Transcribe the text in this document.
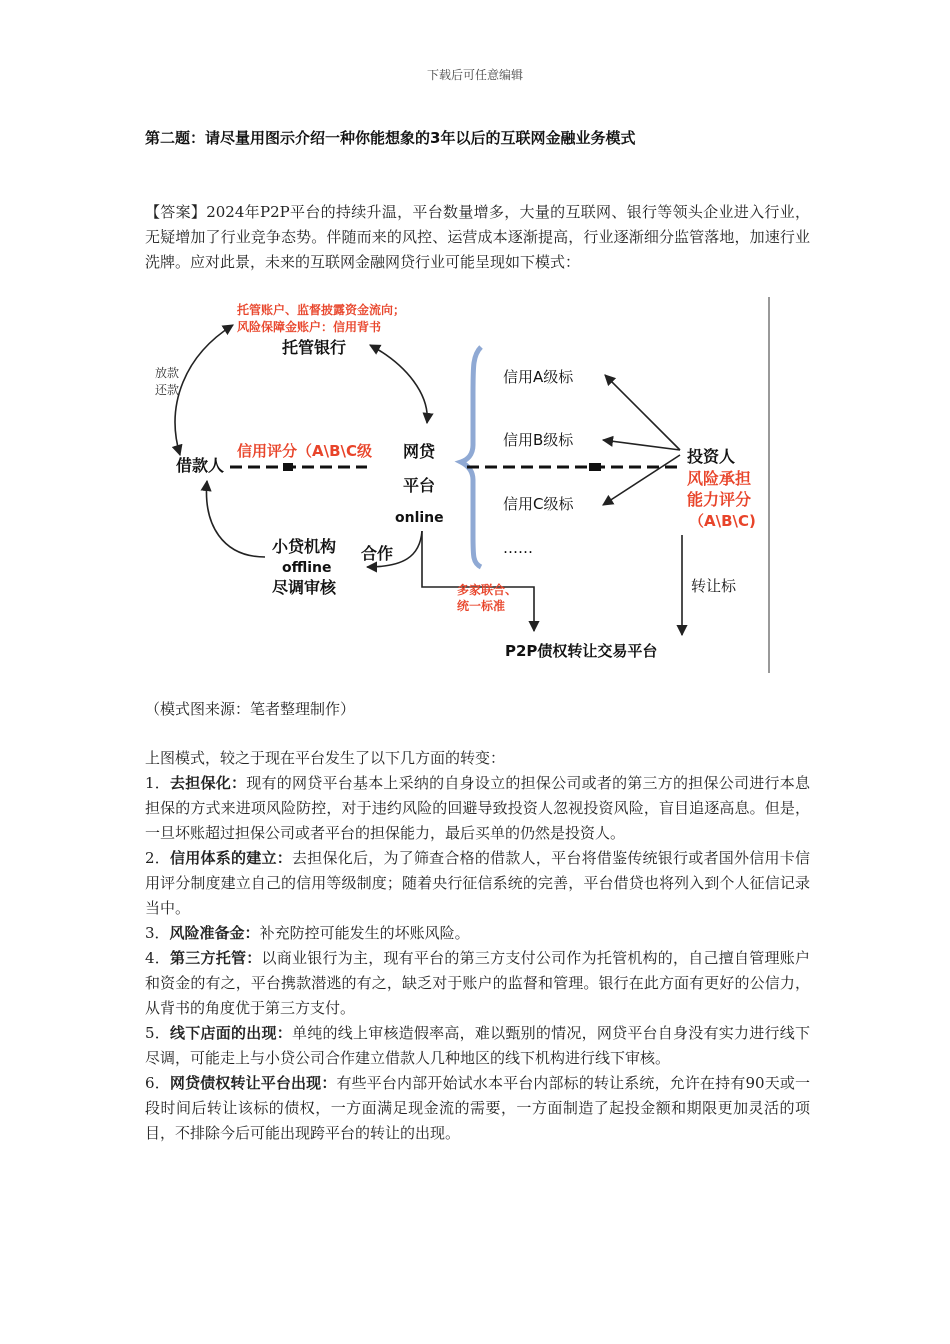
下载后可任意编辑
第二题：请尽量用图示介绍一种你能想象的3年以后的互联网金融业务模式
【答案】2024年P2P平台的持续升温，平台数量增多，大量的互联网、银行等领头企业进入行业，无疑增加了行业竞争态势。伴随而来的风控、运营成本逐渐提高，行业逐渐细分监管落地，加速行业洗牌。应对此景，未来的互联网金融网贷行业可能呈现如下模式：
托管账户、监督披露资金流向；
风险保障金账户：信用背书
托管银行
放款
还款
借款人
信用评分（A\B\C级 网贷
平台
online
小贷机构
offline
尽调审核
合作
多家联合、
统一标准
信用A级标
信用B级标
信用C级标
……
投资人
风险承担
能力评分
（A\B\C)
转让标
P2P债权转让交易平台
（模式图来源：笔者整理制作）

上图模式，较之于现在平台发生了以下几方面的转变：

1．去担保化：现有的网贷平台基本上采纳的自身设立的担保公司或者的第三方的担保公司进行本息担保的方式来进项风险防控，对于违约风险的回避导致投资人忽视投资风险，盲目追逐高息。但是，一旦坏账超过担保公司或者平台的担保能力，最后买单的仍然是投资人。

2．信用体系的建立：去担保化后，为了筛查合格的借款人，平台将借鉴传统银行或者国外信用卡信用评分制度建立自己的信用等级制度；随着央行征信系统的完善，平台借贷也将列入到个人征信记录当中。

3．风险准备金：补充防控可能发生的坏账风险。

4．第三方托管：以商业银行为主，现有平台的第三方支付公司作为托管机构的，自己擅自管理账户和资金的有之，平台携款潜逃的有之，缺乏对于账户的监督和管理。银行在此方面有更好的公信力，从背书的角度优于第三方支付。

5．线下店面的出现：单纯的线上审核造假率高，难以甄别的情况，网贷平台自身没有实力进行线下尽调，可能走上与小贷公司合作建立借款人几种地区的线下机构进行线下审核。

6．网贷债权转让平台出现：有些平台内部开始试水本平台内部标的转让系统，允许在持有90天或一段时间后转让该标的债权，一方面满足现金流的需要，一方面制造了起投金额和期限更加灵活的项目，不排除今后可能出现跨平台的转让的出现。
